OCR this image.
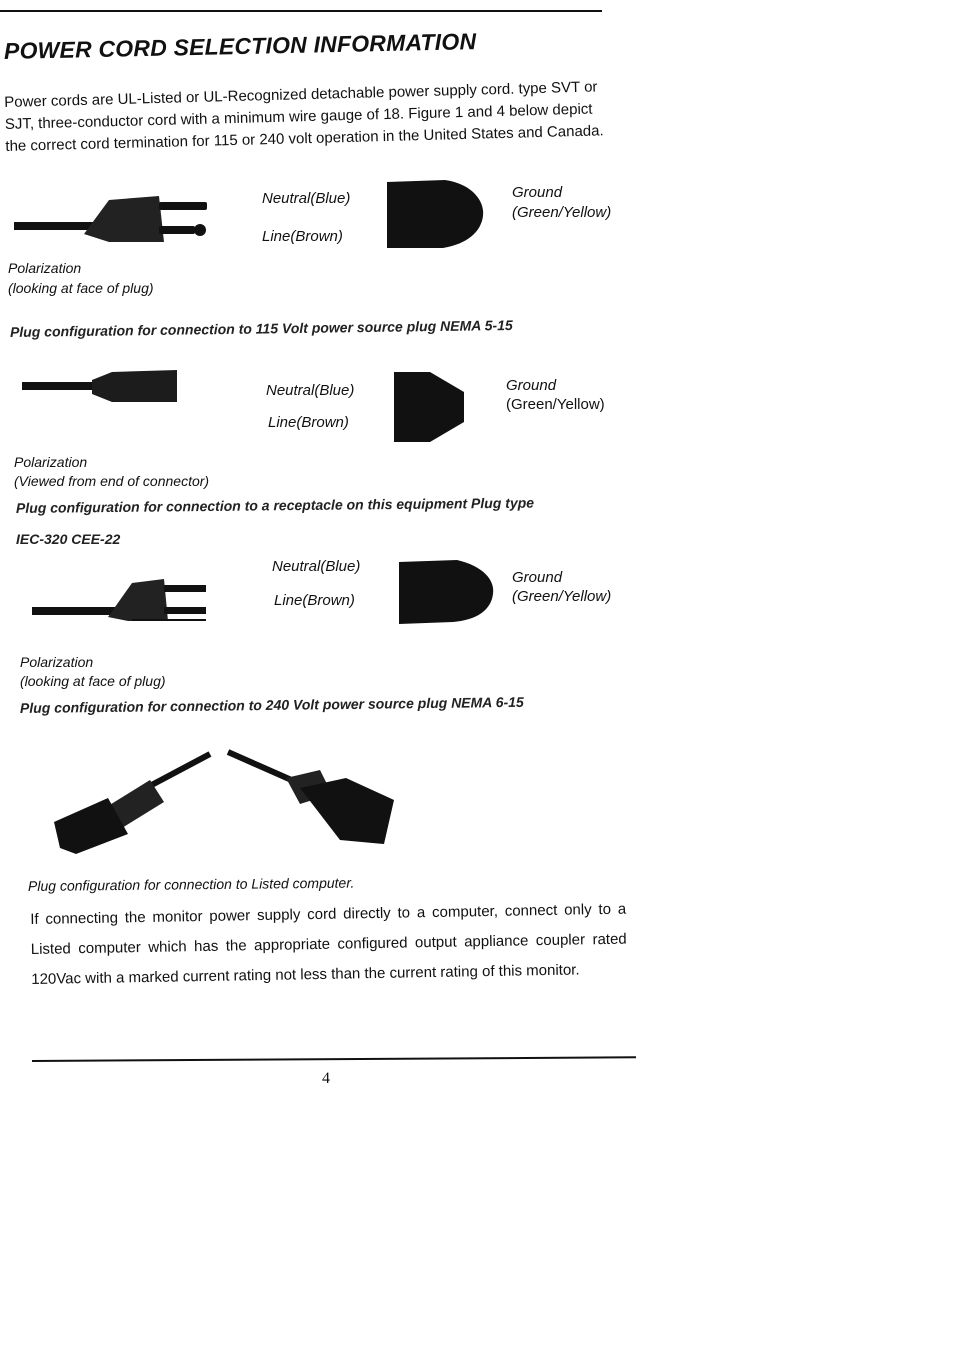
POWER CORD SELECTION INFORMATION
Power cords are UL-Listed or UL-Recognized detachable power supply cord. type SVT or SJT, three-conductor cord with a minimum wire gauge of 18. Figure 1 and 4 below depict the correct cord termination for 115 or 240 volt operation in the United States and Canada.
Neutral(Blue)
Line(Brown)
Ground
(Green/Yellow)
Polarization
(looking at face of plug)
Plug configuration for connection to 115 Volt power source plug NEMA 5-15
Neutral(Blue)
Line(Brown)
Ground
(Green/Yellow)
Polarization
(Viewed from end of connector)
Plug configuration for connection to a receptacle on this equipment Plug type
IEC-320 CEE-22
Neutral(Blue)
Line(Brown)
Ground
(Green/Yellow)
Polarization
(looking at face of plug)
Plug configuration for connection to 240 Volt power source plug NEMA 6-15
Plug configuration for connection to Listed computer.
If connecting the monitor power supply cord directly to a computer, connect only to a Listed computer which has the appropriate configured output appliance coupler rated 120Vac with a marked current rating not less than the current rating of this monitor.
4
